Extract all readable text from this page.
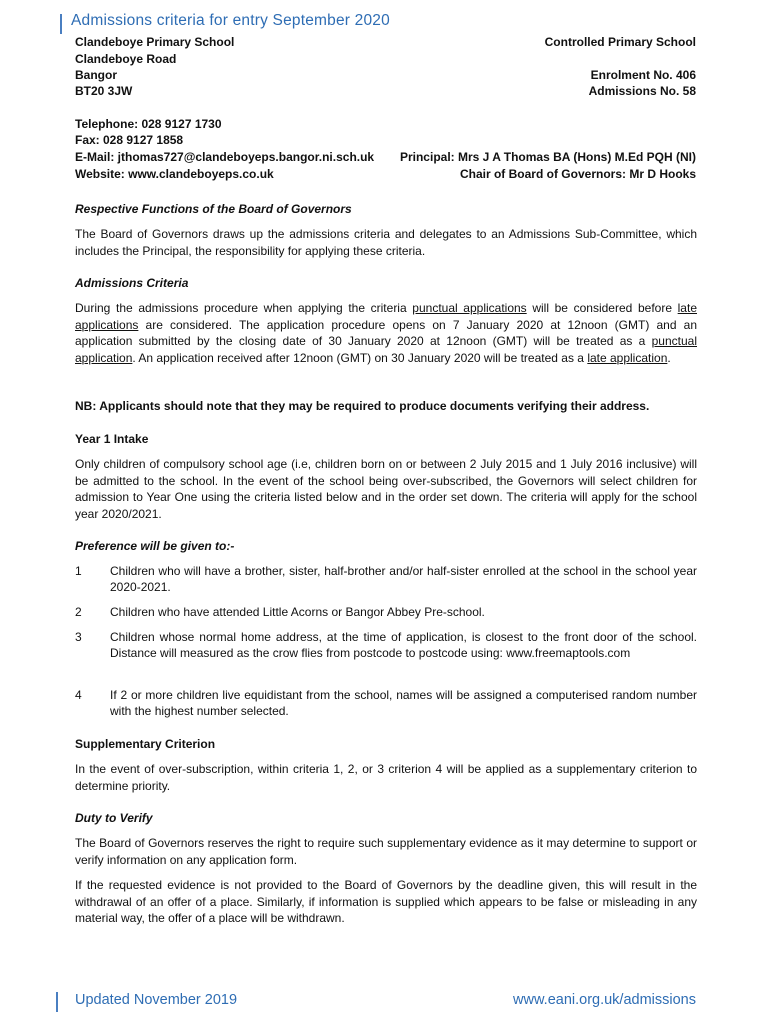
Admissions criteria for entry September 2020
Clandeboye Primary School
Clandeboye Road
Bangor
BT20 3JW
Controlled Primary School
Enrolment No. 406
Admissions No. 58
Telephone: 028 9127 1730
Fax: 028 9127 1858
E-Mail: jthomas727@clandeboyeps.bangor.ni.sch.uk
Website: www.clandeboyeps.co.uk
Principal: Mrs J A Thomas BA (Hons) M.Ed PQH (NI)
Chair of Board of Governors: Mr D Hooks

Respective Functions of the Board of Governors

The Board of Governors draws up the admissions criteria and delegates to an Admissions Sub-Committee, which includes the Principal, the responsibility for applying these criteria.

Admissions Criteria

During the admissions procedure when applying the criteria punctual applications will be considered before late applications are considered. The application procedure opens on 7 January 2020 at 12noon (GMT) and an application submitted by the closing date of 30 January 2020 at 12noon (GMT) will be treated as a punctual application. An application received after 12noon (GMT) on 30 January 2020 will be treated as a late application.

NB: Applicants should note that they may be required to produce documents verifying their address.

Year 1 Intake

Only children of compulsory school age (i.e, children born on or between 2 July 2015 and 1 July 2016 inclusive) will be admitted to the school. In the event of the school being over-subscribed, the Governors will select children for admission to Year One using the criteria listed below and in the order set down. The criteria will apply for the school year 2020/2021.

Preference will be given to:-

1	Children who will have a brother, sister, half-brother and/or half-sister enrolled at the school in the school year 2020-2021.
2	Children who have attended Little Acorns or Bangor Abbey Pre-school.
3	Children whose normal home address, at the time of application, is closest to the front door of the school. Distance will measured as the crow flies from postcode to postcode using: www.freemaptools.com
4	If 2 or more children live equidistant from the school, names will be assigned a computerised random number with the highest number selected.

Supplementary Criterion

In the event of over-subscription, within criteria 1, 2, or 3 criterion 4 will be applied as a supplementary criterion to determine priority.

Duty to Verify

The Board of Governors reserves the right to require such supplementary evidence as it may determine to support or verify information on any application form.

If the requested evidence is not provided to the Board of Governors by the deadline given, this will result in the withdrawal of an offer of a place. Similarly, if information is supplied which appears to be false or misleading in any material way, the offer of a place will be withdrawn.

Updated November 2019	www.eani.org.uk/admissions
